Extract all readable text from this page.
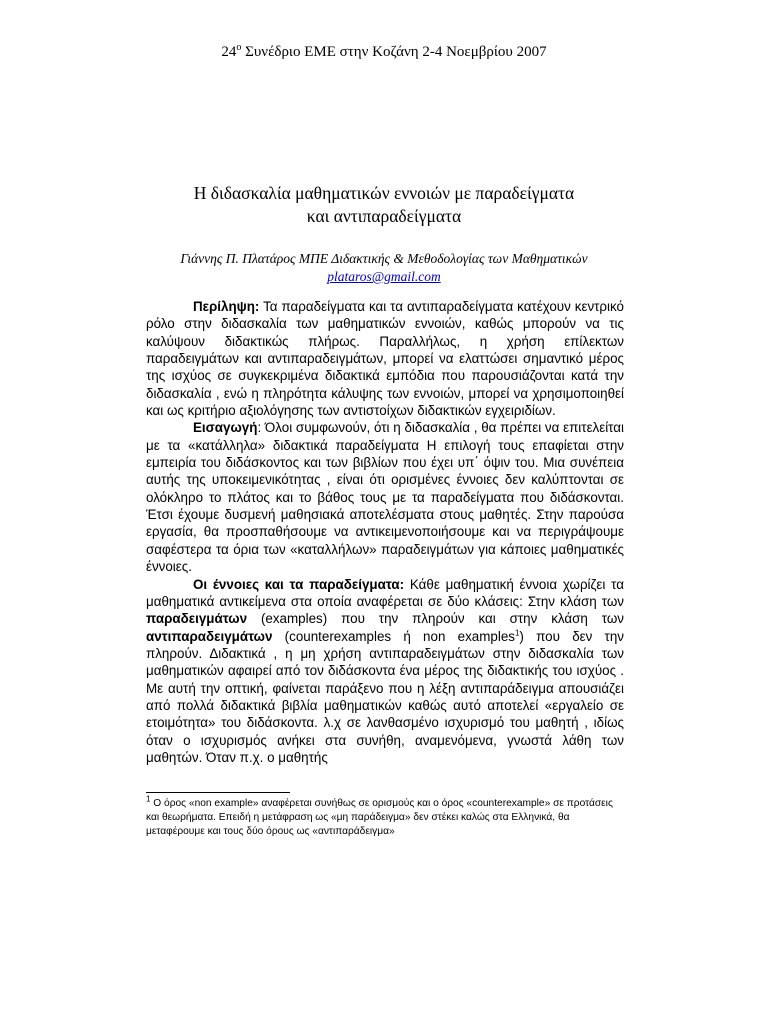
$24^o$ Συνέδριο ΕΜΕ στην Κοζάνη 2-4 Νοεμβρίου 2007
Η διδασκαλία μαθηματικών εννοιών με παραδείγματα
και αντιπαραδείγματα
Γιάννης Π. Πλατάρος ΜΠΕ Διδακτικής & Μεθοδολογίας των Μαθηματικών
plataros@gmail.com

Περίληψη: Τα παραδείγματα και τα αντιπαραδείγματα κατέχουν κεντρικό ρόλο στην διδασκαλία των μαθηματικών εννοιών, καθώς μπορούν να τις καλύψουν διδακτικώς πλήρως. Παραλλήλως, η χρήση επίλεκτων παραδειγμάτων και αντιπαραδειγμάτων, μπορεί να ελαττώσει σημαντικό μέρος της ισχύος σε συγκεκριμένα διδακτικά εμπόδια που παρουσιάζονται κατά την διδασκαλία , ενώ η πληρότητα κάλυψης των εννοιών, μπορεί να χρησιμοποιηθεί και ως κριτήριο αξιολόγησης των αντιστοίχων διδακτικών εγχειριδίων.

Εισαγωγή: Όλοι συμφωνούν, ότι η διδασκαλία , θα πρέπει να επιτελείται με τα «κατάλληλα» διδακτικά παραδείγματα Η επιλογή τους επαφίεται στην εμπειρία του διδάσκοντος και των βιβλίων που έχει υπ΄ όψιν του. Μια συνέπεια αυτής της υποκειμενικότητας , είναι ότι ορισμένες έννοιες δεν καλύπτονται σε ολόκληρο το πλάτος και το βάθος τους με τα παραδείγματα που διδάσκονται. Έτσι έχουμε δυσμενή μαθησιακά αποτελέσματα στους μαθητές. Στην παρούσα εργασία, θα προσπαθήσουμε να αντικειμενοποιήσουμε και να περιγράψουμε σαφέστερα τα όρια των «καταλλήλων» παραδειγμάτων για κάποιες μαθηματικές έννοιες.

Οι έννοιες και τα παραδείγματα: Κάθε μαθηματική έννοια χωρίζει τα μαθηματικά αντικείμενα στα οποία αναφέρεται σε δύο κλάσεις: Στην κλάση των παραδειγμάτων (examples) που την πληρούν και στην κλάση των αντιπαραδειγμάτων (counterexamples ή non examples$^1$) που δεν την πληρούν. Διδακτικά , η μη χρήση αντιπαραδειγμάτων στην διδασκαλία των μαθηματικών αφαιρεί από τον διδάσκοντα ένα μέρος της διδακτικής του ισχύος . Με αυτή την οπτική, φαίνεται παράξενο που η λέξη αντιπαράδειγμα απουσιάζει από πολλά διδακτικά βιβλία μαθηματικών καθώς αυτό αποτελεί «εργαλείο σε ετοιμότητα» του διδάσκοντα. λ.χ σε λανθασμένο ισχυρισμό του μαθητή , ιδίως όταν ο ισχυρισμός ανήκει στα συνήθη, αναμενόμενα, γνωστά λάθη των μαθητών. Όταν π.χ. ο μαθητής

$^1$ Ο όρος «non example» αναφέρεται συνήθως σε ορισμούς και ο όρος «counterexample» σε προτάσεις και θεωρήματα. Επειδή η μετάφραση ως «μη παράδειγμα» δεν στέκει καλώς στα Ελληνικά, θα μεταφέρουμε και τους δύο όρους ως «αντιπαράδειγμα»
